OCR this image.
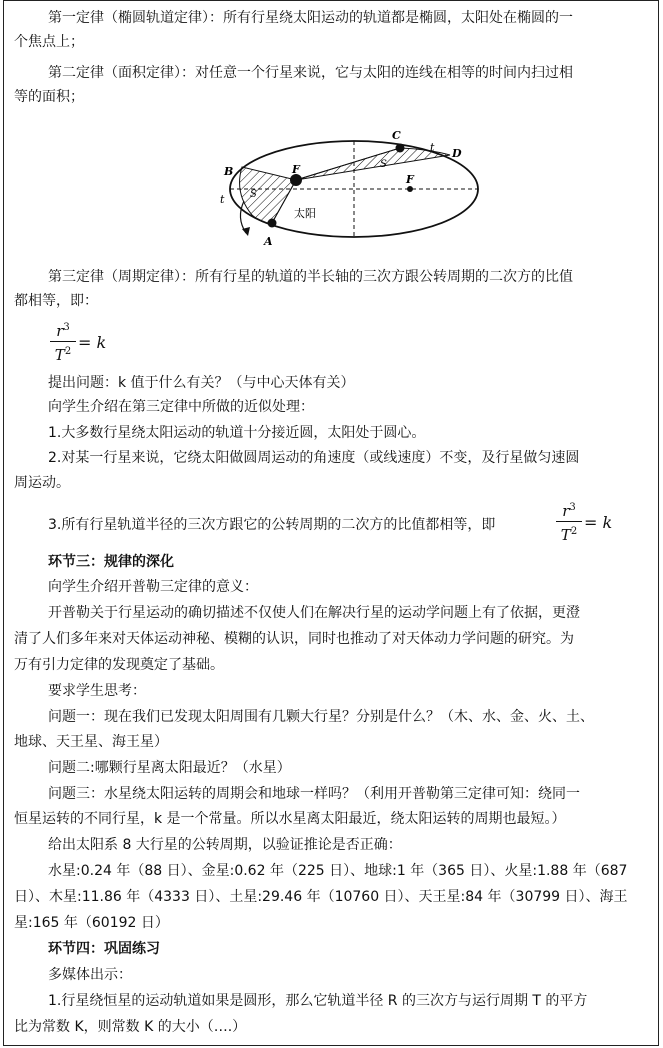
第一定律（椭圆轨道定律）：所有行星绕太阳运动的轨道都是椭圆，太阳处在椭圆的一
个焦点上；
第二定律（面积定律）：对任意一个行星来说，它与太阳的连线在相等的时间内扫过相
等的面积；
B
t	S
A
F
太阳
C
t D
S
F
第三定律（周期定律）：所有行星的轨道的半长轴的三次方跟公转周期的二次方的比值
都相等，即：
$r^3$
$T^2 = k$
提出问题：k 值于什么有关？（与中心天体有关）
向学生介绍在第三定律中所做的近似处理：
1.大多数行星绕太阳运动的轨道十分接近圆，太阳处于圆心。
2.对某一行星来说，它绕太阳做圆周运动的角速度（或线速度）不变，及行星做匀速圆
周运动。
3.所有行星轨道半径的三次方跟它的公转周期的二次方的比值都相等，即
$r^3$
$T^2 = k$
环节三：规律的深化
向学生介绍开普勒三定律的意义：
开普勒关于行星运动的确切描述不仅使人们在解决行星的运动学问题上有了依据，更澄
清了人们多年来对天体运动神秘、模糊的认识，同时也推动了对天体动力学问题的研究。为
万有引力定律的发现奠定了基础。
要求学生思考：
问题一：现在我们已发现太阳周围有几颗大行星？分别是什么？（木、水、金、火、土、
地球、天王星、海王星）
问题二:哪颗行星离太阳最近？（水星）
问题三：水星绕太阳运转的周期会和地球一样吗？（利用开普勒第三定律可知：绕同一
恒星运转的不同行星，k 是一个常量。所以水星离太阳最近，绕太阳运转的周期也最短。）
给出太阳系 8 大行星的公转周期，以验证推论是否正确：
水星:0.24 年（88 日）、金星:0.62 年（225 日）、地球:1 年（365 日）、火星:1.88 年（687
日）、木星:11.86 年（4333 日）、土星:29.46 年（10760 日）、天王星:84 年（30799 日）、海王
星:165 年（60192 日）
环节四：巩固练习
多媒体出示：
1.行星绕恒星的运动轨道如果是圆形，那么它轨道半径 R 的三次方与运行周期 T 的平方
比为常数 K，则常数 K 的大小（….）
